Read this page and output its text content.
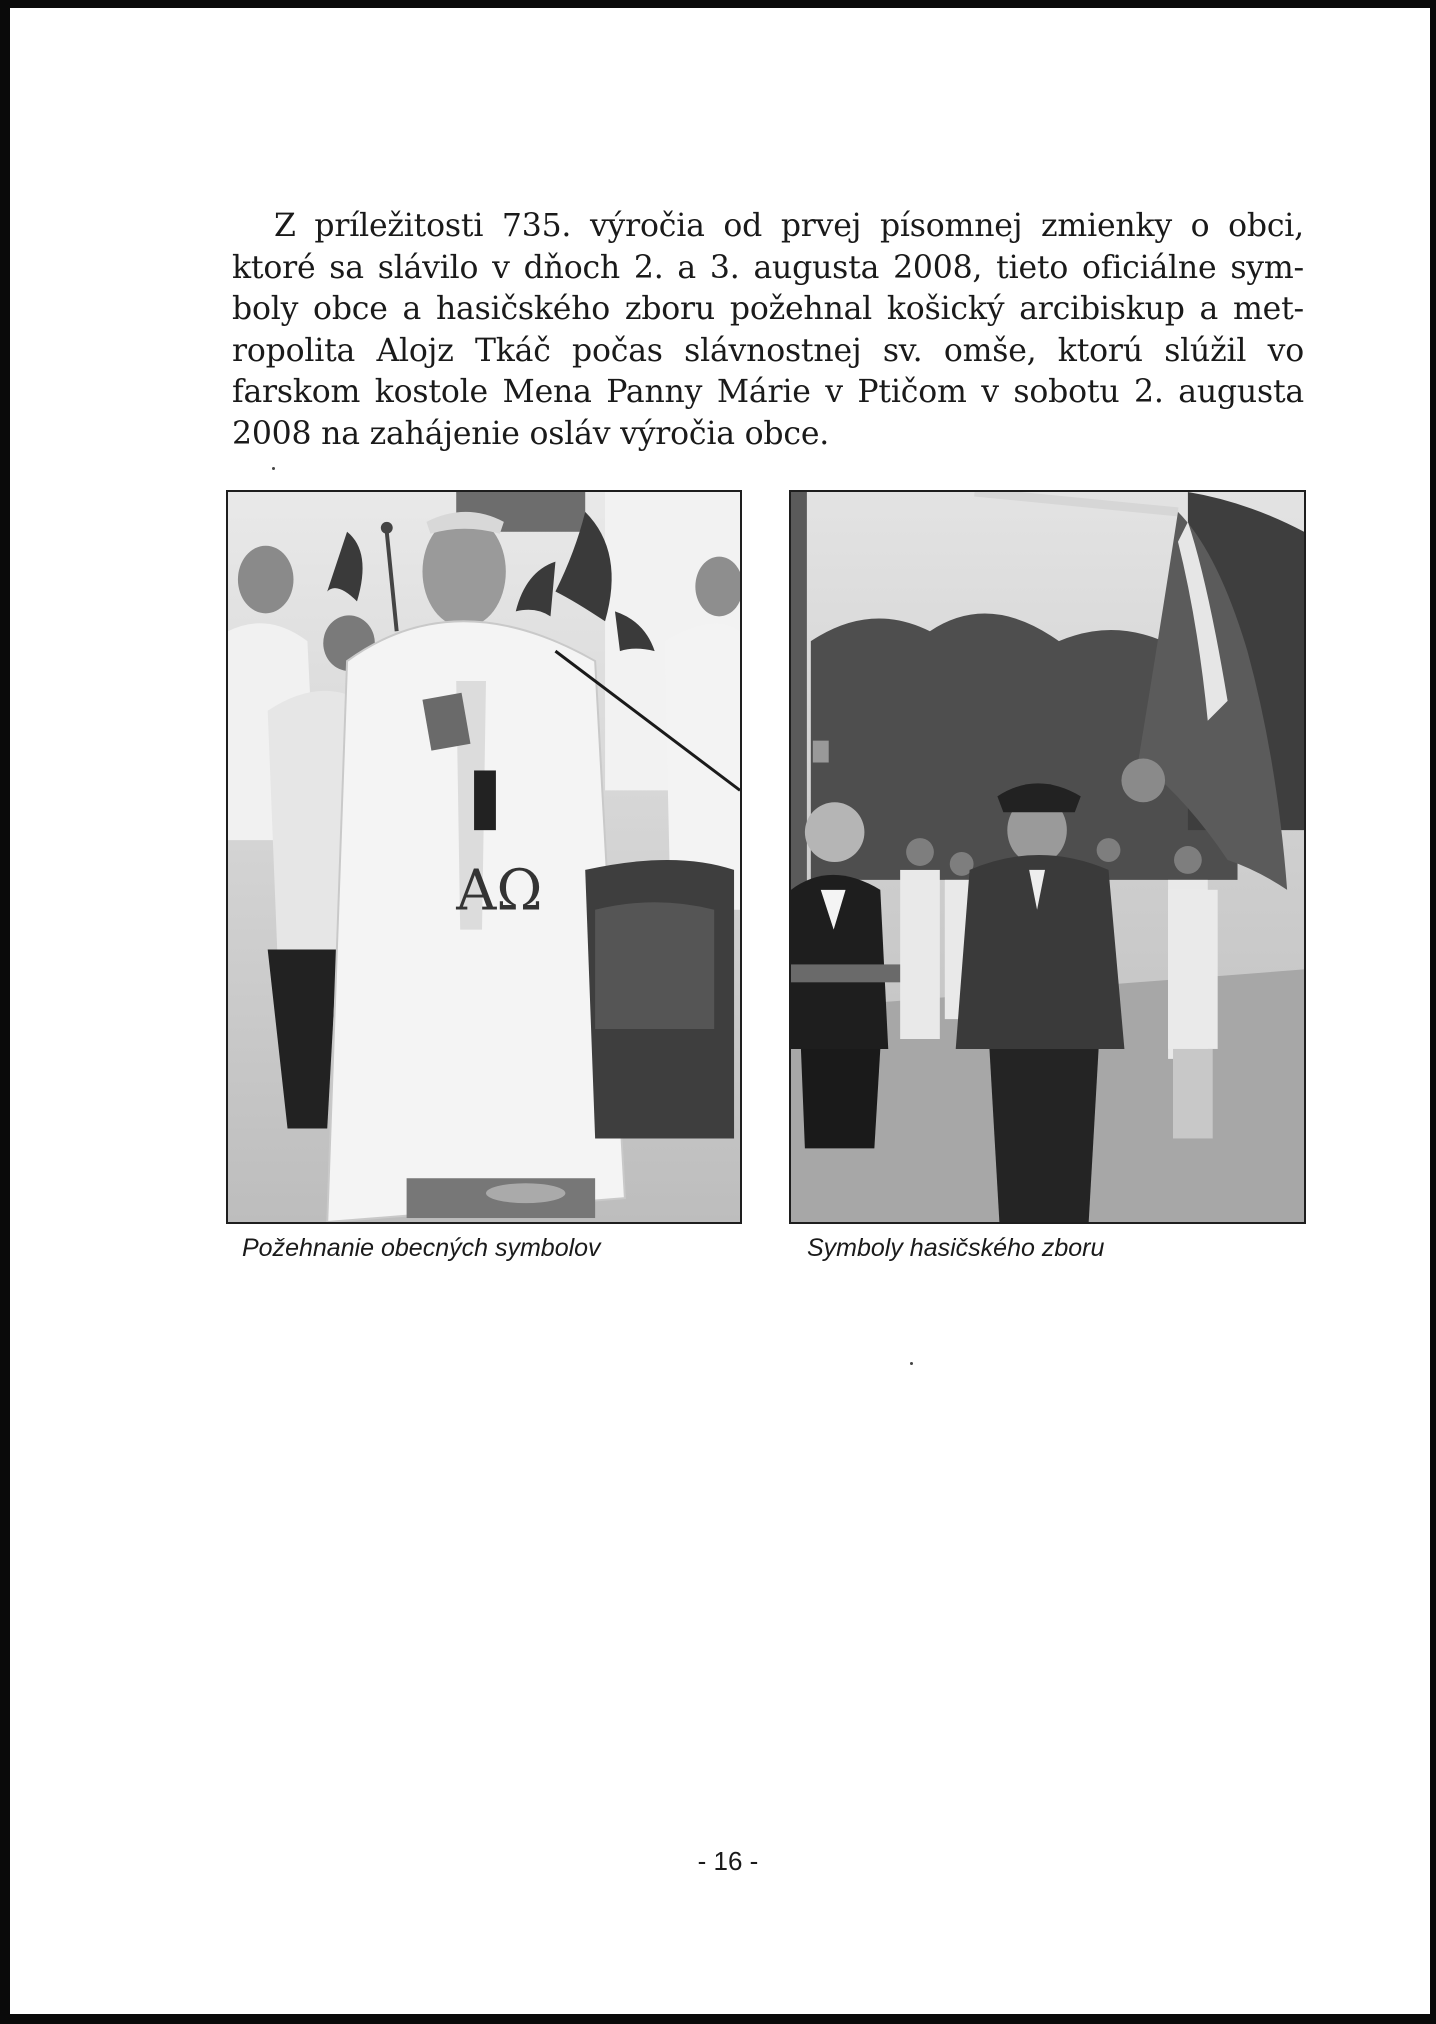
Z príležitosti 735. výročia od prvej písomnej zmienky o obci, ktoré sa slávilo v dňoch 2. a 3. augusta 2008, tieto oficiálne sym-boly obce a hasičského zboru požehnal košický arcibiskup a met-ropolita Alojz Tkáč počas slávnostnej sv. omše, ktorú slúžil vo farskom kostole Mena Panny Márie v Ptičom v sobotu 2. augusta 2008 na zahájenie osláv výročia obce.

AΩ

Požehnanie obecných symbolov	Symboly hasičského zboru

- 16 -
